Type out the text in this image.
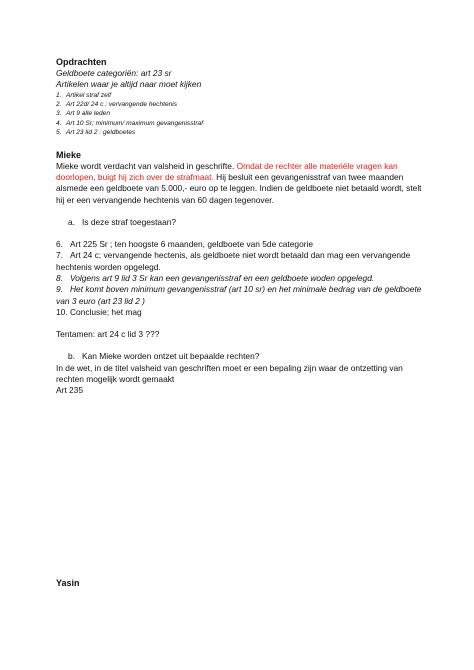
Opdrachten
Geldboete categoriën: art 23 sr
Artikelen waar je altijd naar moet kijken
1. Artikel straf zelf
2. Art 22d/ 24 c ; vervangende hechtenis
3. Art 9 alle leden
4. Art 10 Sr; minimum/ maximum gevangenisstraf
5. Art 23 lid 2 : geldboetes
Mieke
Mieke wordt verdacht van valsheid in geschrifte. Omdat de rechter alle materiële vragen kan doorlopen, buigt hij zich over de strafmaat. Hij besluit een gevangenisstraf van twee maanden alsmede een geldboete van 5.000,- euro op te leggen. Indien de geldboete niet betaald wordt, stelt hij er een vervangende hechtenis van 60 dagen tegenover.
a. Is deze straf toegestaan?
6. Art 225 Sr ; ten hoogste 6 maanden, geldboete van 5de categorie
7. Art 24 c; vervangende hectenis, als geldboete niet wordt betaald dan mag een vervangende hechtenis worden opgelegd.
8. Volgens art 9 lid 3 Sr kan een gevangenisstraf en een geldboete woden opgelegd.
9. Het komt boven minimum gevangenisstraf (art 10 sr) en het minimale bedrag van de geldboete van 3 euro (art 23 lid 2 )
10. Conclusie; het mag
Tentamen: art 24 c lid 3 ???
b. Kan Mieke worden ontzet uit bepaalde rechten?
In de wet, in de titel valsheid van geschriften moet er een bepaling zijn waar de ontzetting van rechten mogelijk wordt gemaakt
Art 235
Yasin
